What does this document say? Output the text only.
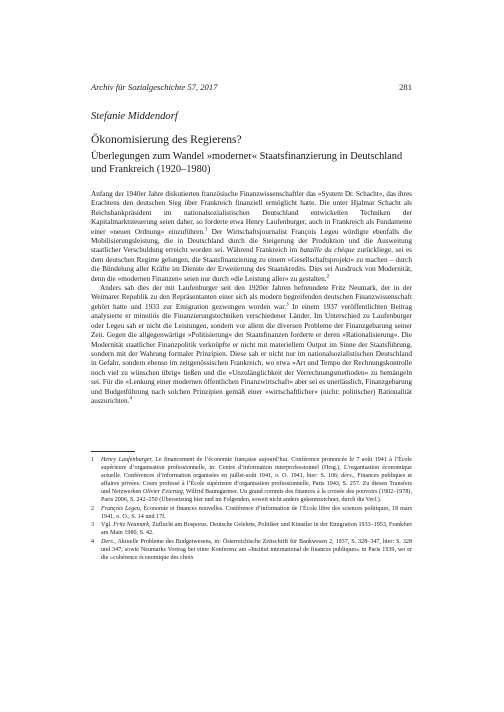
Archiv für Sozialgeschichte 57, 2017	281
Stefanie Middendorf
Ökonomisierung des Regierens?
Überlegungen zum Wandel »moderner« Staatsfinanzierung in Deutschland und Frankreich (1920–1980)

Anfang der 1940er Jahre diskutierten französische Finanzwissenschaftler das »System Dr. Schacht«, das ihres Erachtens den deutschen Sieg über Frankreich finanziell ermöglicht hatte. Die unter Hjalmar Schacht als Reichsbankpräsident im nationalsozialistischen Deutschland entwickelten Techniken der Kapitalmarktsteuerung seien daher, so forderte etwa Henry Laufenburger, auch in Frankreich als Fundamente einer »neuen Ordnung« einzuführen.$^1$ Der Wirtschaftsjournalist François Legeu würdigte ebenfalls die Mobilisierungsleistung, die in Deutschland durch die Steigerung der Produktion und die Ausweitung staatlicher Verschuldung erreicht worden sei. Während Frankreich im bataille du chèque zurückliege, sei es dem deutschen Regime gelungen, die Staatsfinanzierung zu einem »Gesellschaftsprojekt« zu machen – durch die Bündelung aller Kräfte im Dienste der Erweiterung des Staatskredits. Dies sei Ausdruck von Modernität, denn die »modernen Finanzen« seien nur durch »die Leistung aller« zu gestalten.$^2$

Anders sah dies der mit Laufenburger seit den 1920er Jahren befreundete Fritz Neumark, der in der Weimarer Republik zu den Repräsentanten einer sich als modern begreifenden deutschen Finanzwissenschaft gehört hatte und 1933 zur Emigration gezwungen worden war.$^3$ In einem 1937 veröffentlichten Beitrag analysierte er minutiös die Finanzierungstechniken verschiedener Länder. Im Unterschied zu Laufenburger oder Legeu sah er nicht die Leistungen, sondern vor allem die diversen Probleme der Finanzgebarung seiner Zeit. Gegen die allgegenwärtige »Politisierung« der Staatsfinanzen forderte er deren »Rationalisierung«. Die Modernität staatlicher Finanzpolitik verknüpfte er nicht mit materiellem Output im Sinne der Staatsführung, sondern mit der Wahrung formaler Prinzipien. Diese sah er nicht nur im nationalsozialistischen Deutschland in Gefahr, sondern ebenso im zeitgenössischen Frankreich, wo etwa »Art und Tempo der Rechnungskontrolle noch viel zu wünschen übrig« ließen und die »Unzulänglichkeit der Verrechnungsmethoden« zu bemängeln sei. Für die »Lenkung einer modernen öffentlichen Finanzwirtschaft« aber sei es unerlässlich, Finanzgebarung und Budgetführung nach solchen Prinzipien gemäß einer »wirtschaftlicher« (nicht: politischer) Rationalität auszurichten.$^4$

1	Henry Laufenburger, Le financement de l’économie française aujourd’hui. Conférence prononcée le 7 août 1941 à l’École supérieure d’organisation professionnelle, in: Centre d’information interprofessionnel (Hrsg.), L’organisation économique actuelle. Conférences d’information organisées en juillet-août 1941, o. O. 1941, hier: S. 106; ders., Finances publiques et affaires privées. Cours professé à l’École supérieure d’organisation professionnelle, Paris 1943, S. 257. Zu diesen Transfers und Netzwerken Olivier Feiertag, Wilfrid Baumgartner. Un grand commis des finances à la croisée des pouvoirs (1902–1978), Paris 2006, S. 242–250 (Übersetzung hier und im Folgenden, soweit nicht anders gekennzeichnet, durch die Verf.).
2	François Legeu, Économie et finances nouvelles. Conférence d’information de l’École libre des sciences politiques, 18 mars 1941, o. O., S. 14 und 17f.
3	Vgl. Fritz Neumark, Zuflucht am Bosporus. Deutsche Gelehrte, Politiker und Künstler in der Emigration 1933–1953, Frankfurt am Main 1980, S. 42.
4	Ders., Aktuelle Probleme des Budgetwesens, in: Österreichische Zeitschrift für Bankwesen 2, 1937, S. 328–347, hier: S. 328 und 347; sowie Neumarks Vortrag bei einer Konferenz am »Institut international de finances publiques« in Paris 1939, wo er die »cohérence économique des choix
